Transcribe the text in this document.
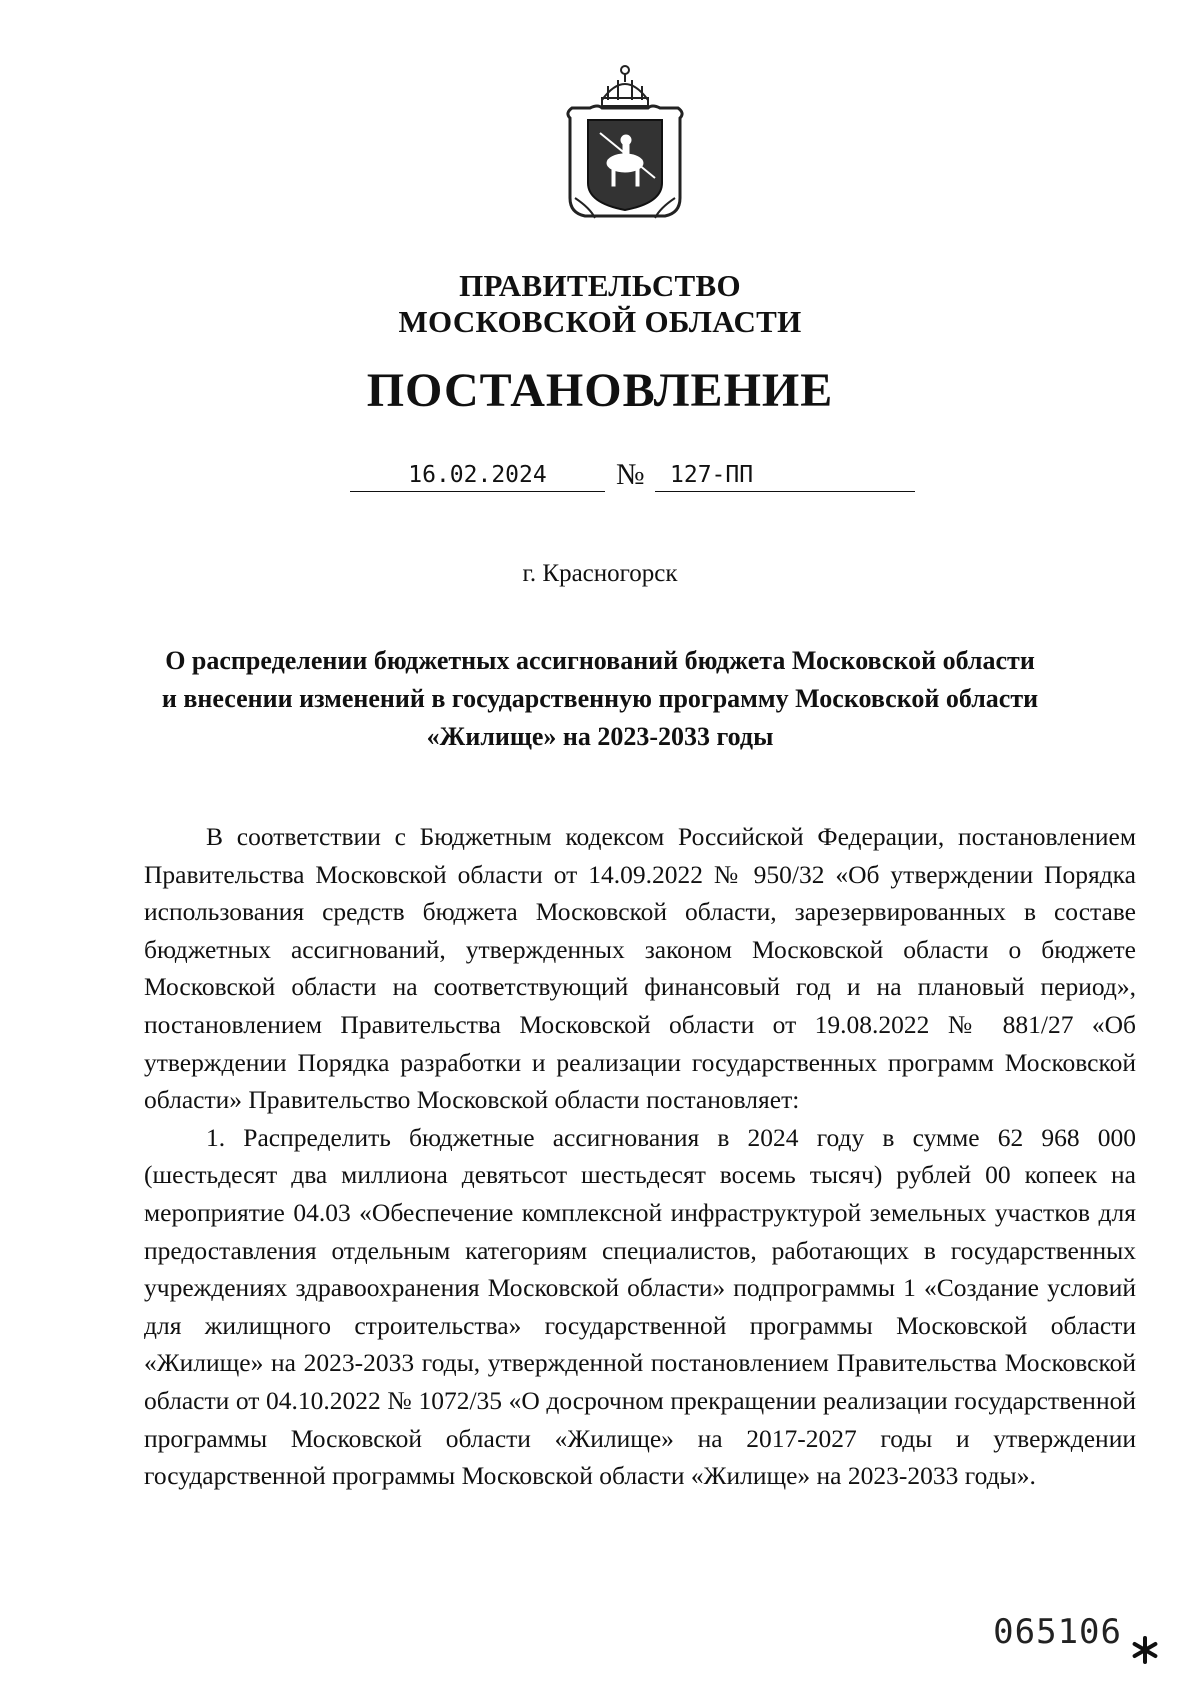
ПРАВИТЕЛЬСТВО
МОСКОВСКОЙ ОБЛАСТИ
ПОСТАНОВЛЕНИЕ
16.02.2024	№	127-ПП
г. Красногорск
О распределении бюджетных ассигнований бюджета Московской области
и внесении изменений в государственную программу Московской области
«Жилище» на 2023-2033 годы

В соответствии с Бюджетным кодексом Российской Федерации, постановлением Правительства Московской области от 14.09.2022 № 950/32 «Об утверждении Порядка использования средств бюджета Московской области, зарезервированных в составе бюджетных ассигнований, утвержденных законом Московской области о бюджете Московской области на соответствующий финансовый год и на плановый период», постановлением Правительства Московской области от 19.08.2022 № 881/27 «Об утверждении Порядка разработки и реализации государственных программ Московской области» Правительство Московской области постановляет:

1. Распределить бюджетные ассигнования в 2024 году в сумме 62 968 000 (шестьдесят два миллиона девятьсот шестьдесят восемь тысяч) рублей 00 копеек на мероприятие 04.03 «Обеспечение комплексной инфраструктурой земельных участков для предоставления отдельным категориям специалистов, работающих в государственных учреждениях здравоохранения Московской области» подпрограммы 1 «Создание условий для жилищного строительства» государственной программы Московской области «Жилище» на 2023-2033 годы, утвержденной постановлением Правительства Московской области от 04.10.2022 № 1072/35 «О досрочном прекращении реализации государственной программы Московской области «Жилище» на 2017-2027 годы и утверждении государственной программы Московской области «Жилище» на 2023-2033 годы».

065106
